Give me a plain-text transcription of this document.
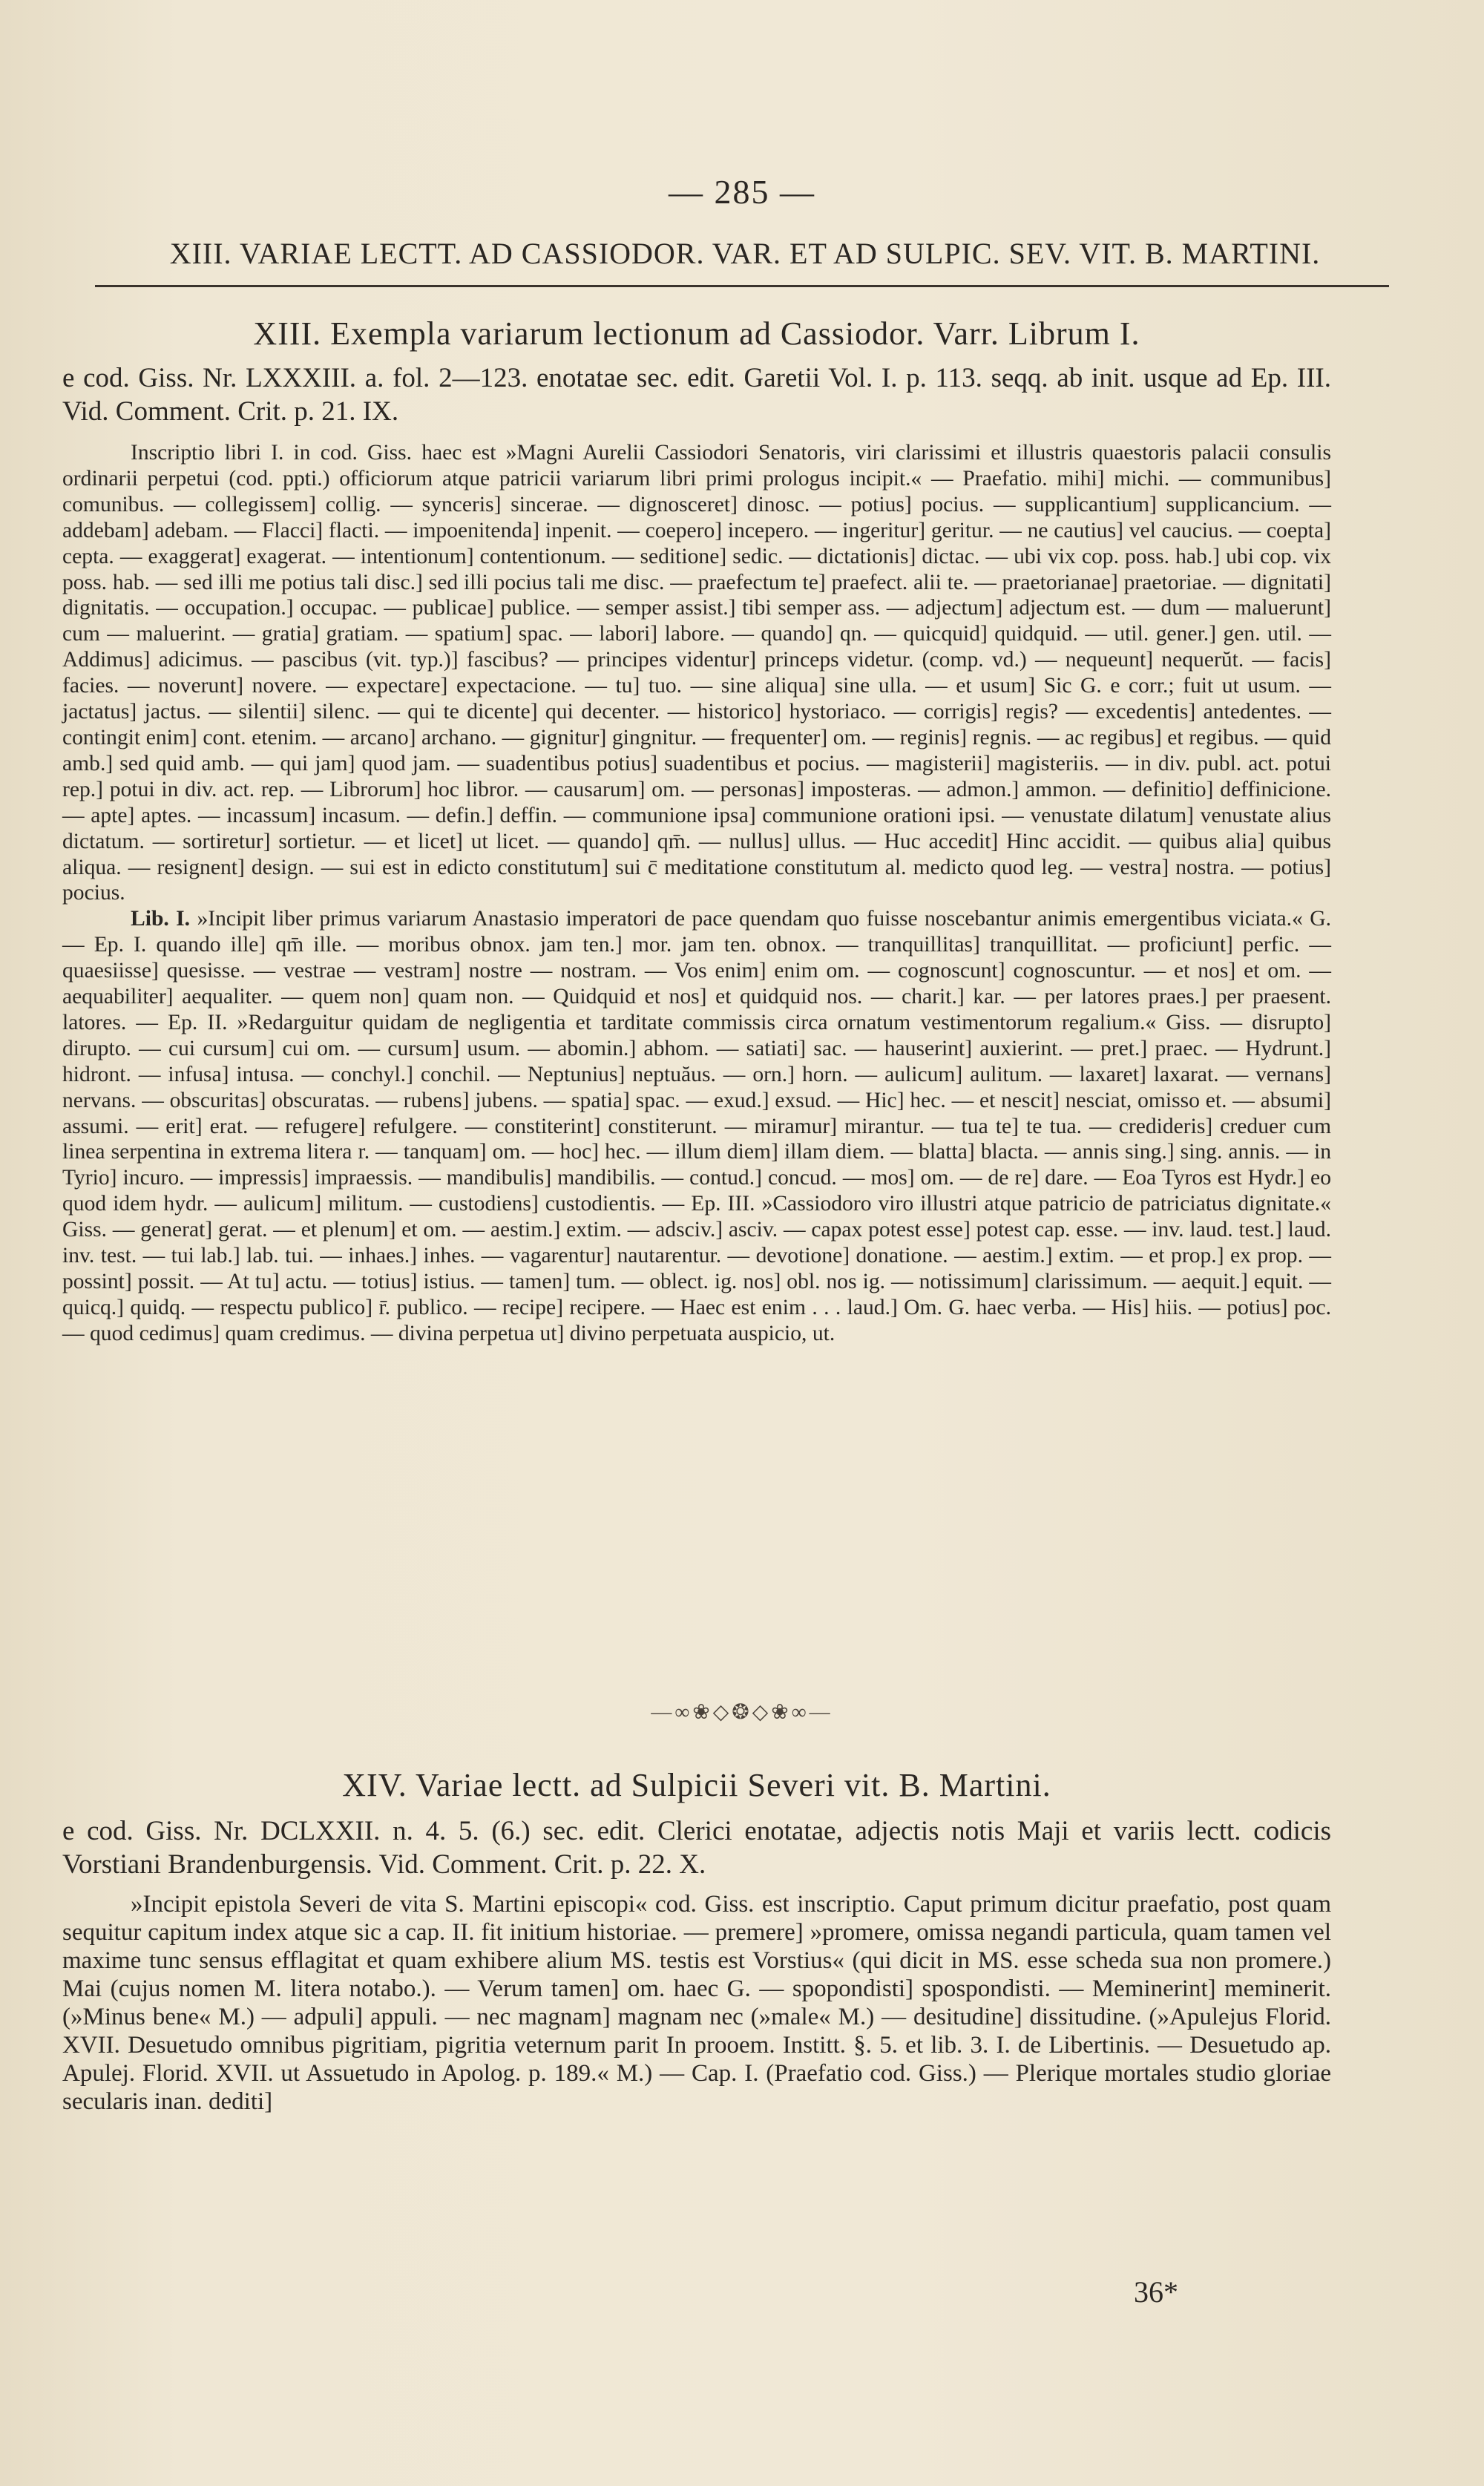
— 285 —
XIII. VARIAE LECTT. AD CASSIODOR. VAR. ET AD SULPIC. SEV. VIT. B. MARTINI.
XIII. Exempla variarum lectionum ad Cassiodor. Varr. Librum I.
e cod. Giss. Nr. LXXXIII. a. fol. 2—123. enotatae sec. edit. Garetii Vol. I. p. 113. seqq. ab init. usque ad Ep. III. Vid. Comment. Crit. p. 21. IX.
Inscriptio libri I. in cod. Giss. haec est »Magni Aurelii Cassiodori Senatoris, viri clarissimi et illustris quaestoris palacii consulis ordinarii perpetui (cod. ppti.) officiorum atque patricii variarum libri primi prologus incipit.« — Praefatio. mihi] michi. — communibus] comunibus. — collegissem] collig. — synceris] sincerae. — dignosceret] dinosc. — potius] pocius. — supplicantium] supplicancium. — addebam] adebam. — Flacci] flacti. — impoenitenda] inpenit. — coepero] incepero. — ingeritur] geritur. — ne cautius] vel caucius. — coepta] cepta. — exaggerat] exagerat. — intentionum] contentionum. — seditione] sedic. — dictationis] dictac. — ubi vix cop. poss. hab.] ubi cop. vix poss. hab. — sed illi me potius tali disc.] sed illi pocius tali me disc. — praefectum te] praefect. alii te. — praetorianae] praetoriae. — dignitati] dignitatis. — occupation.] occupac. — publicae] publice. — semper assist.] tibi semper ass. — adjectum] adjectum est. — dum — maluerunt] cum — maluerint. — gratia] gratiam. — spatium] spac. — labori] labore. — quando] qn. — quicquid] quidquid. — util. gener.] gen. util. — Addimus] adicimus. — pascibus (vit. typ.)] fascibus? — principes videntur] princeps videtur. (comp. vd.) — nequeunt] nequerŭt. — facis] facies. — noverunt] novere. — expectare] expectacione. — tu] tuo. — sine aliqua] sine ulla. — et usum] Sic G. e corr.; fuit ut usum. — jactatus] jactus. — silentii] silenc. — qui te dicente] qui decenter. — historico] hystoriaco. — corrigis] regis? — excedentis] antedentes. — contingit enim] cont. etenim. — arcano] archano. — gignitur] gingnitur. — frequenter] om. — reginis] regnis. — ac regibus] et regibus. — quid amb.] sed quid amb. — qui jam] quod jam. — suadentibus potius] suadentibus et pocius. — magisterii] magisteriis. — in div. publ. act. potui rep.] potui in div. act. rep. — Librorum] hoc libror. — causarum] om. — personas] imposteras. — admon.] ammon. — definitio] deffinicione. — apte] aptes. — incassum] incasum. — defin.] deffin. — communione ipsa] communione orationi ipsi. — venustate dilatum] venustate alius dictatum. — sortiretur] sortietur. — et licet] ut licet. — quando] qm̄. — nullus] ullus. — Huc accedit] Hinc accidit. — quibus alia] quibus aliqua. — resignent] design. — sui est in edicto constitutum] sui c̄ meditatione constitutum al. medicto quod leg. — vestra] nostra. — potius] pocius.
Lib. I. »Incipit liber primus variarum Anastasio imperatori de pace quendam quo fuisse noscebantur animis emergentibus viciata.« G. — Ep. I. quando ille] qm̄ ille. — moribus obnox. jam ten.] mor. jam ten. obnox. — tranquillitas] tranquillitat. — proficiunt] perfic. — quaesiisse] quesisse. — vestrae — vestram] nostre — nostram. — Vos enim] enim om. — cognoscunt] cognoscuntur. — et nos] et om. — aequabiliter] aequaliter. — quem non] quam non. — Quidquid et nos] et quidquid nos. — charit.] kar. — per latores praes.] per praesent. latores. — Ep. II. »Redarguitur quidam de negligentia et tarditate commissis circa ornatum vestimentorum regalium.« Giss. — disrupto] dirupto. — cui cursum] cui om. — cursum] usum. — abomin.] abhom. — satiati] sac. — hauserint] auxierint. — pret.] praec. — Hydrunt.] hidront. — infusa] intusa. — conchyl.] conchil. — Neptunius] neptuăus. — orn.] horn. — aulicum] aulitum. — laxaret] laxarat. — vernans] nervans. — obscuritas] obscuratas. — rubens] jubens. — spatia] spac. — exud.] exsud. — Hic] hec. — et nescit] nesciat, omisso et. — absumi] assumi. — erit] erat. — refugere] refulgere. — constiterint] constiterunt. — miramur] mirantur. — tua te] te tua. — credideris] creduer cum linea serpentina in extrema litera r. — tanquam] om. — hoc] hec. — illum diem] illam diem. — blatta] blacta. — annis sing.] sing. annis. — in Tyrio] incuro. — impressis] impraessis. — mandibulis] mandibilis. — contud.] concud. — mos] om. — de re] dare. — Eoa Tyros est Hydr.] eo quod idem hydr. — aulicum] militum. — custodiens] custodientis. — Ep. III. »Cassiodoro viro illustri atque patricio de patriciatus dignitate.« Giss. — generat] gerat. — et plenum] et om. — aestim.] extim. — adsciv.] asciv. — capax potest esse] potest cap. esse. — inv. laud. test.] laud. inv. test. — tui lab.] lab. tui. — inhaes.] inhes. — vagarentur] nautarentur. — devotione] donatione. — aestim.] extim. — et prop.] ex prop. — possint] possit. — At tu] actu. — totius] istius. — tamen] tum. — oblect. ig. nos] obl. nos ig. — notissimum] clarissimum. — aequit.] equit. — quicq.] quidq. — respectu publico] r̄. publico. — recipe] recipere. — Haec est enim . . . laud.] Om. G. haec verba. — His] hiis. — potius] poc. — quod cedimus] quam credimus. — divina perpetua ut] divino perpetuata auspicio, ut.
—∞❀◇❂◇❀∞—
XIV. Variae lectt. ad Sulpicii Severi vit. B. Martini.
e cod. Giss. Nr. DCLXXII. n. 4. 5. (6.) sec. edit. Clerici enotatae, adjectis notis Maji et variis lectt. codicis Vorstiani Brandenburgensis. Vid. Comment. Crit. p. 22. X.
»Incipit epistola Severi de vita S. Martini episcopi« cod. Giss. est inscriptio. Caput primum dicitur praefatio, post quam sequitur capitum index atque sic a cap. II. fit initium historiae. — premere] »promere, omissa negandi particula, quam tamen vel maxime tunc sensus efflagitat et quam exhibere alium MS. testis est Vorstius« (qui dicit in MS. esse scheda sua non promere.) Mai (cujus nomen M. litera notabo.). — Verum tamen] om. haec G. — spopondisti] spospondisti. — Meminerint] meminerit. (»Minus bene« M.) — adpuli] appuli. — nec magnam] magnam nec (»male« M.) — desitudine] dissitudine. (»Apulejus Florid. XVII. Desuetudo omnibus pigritiam, pigritia veternum parit In prooem. Institt. §. 5. et lib. 3. I. de Libertinis. — Desuetudo ap. Apulej. Florid. XVII. ut Assuetudo in Apolog. p. 189.« M.) — Cap. I. (Praefatio cod. Giss.) — Plerique mortales studio gloriae secularis inan. dediti]
36*
